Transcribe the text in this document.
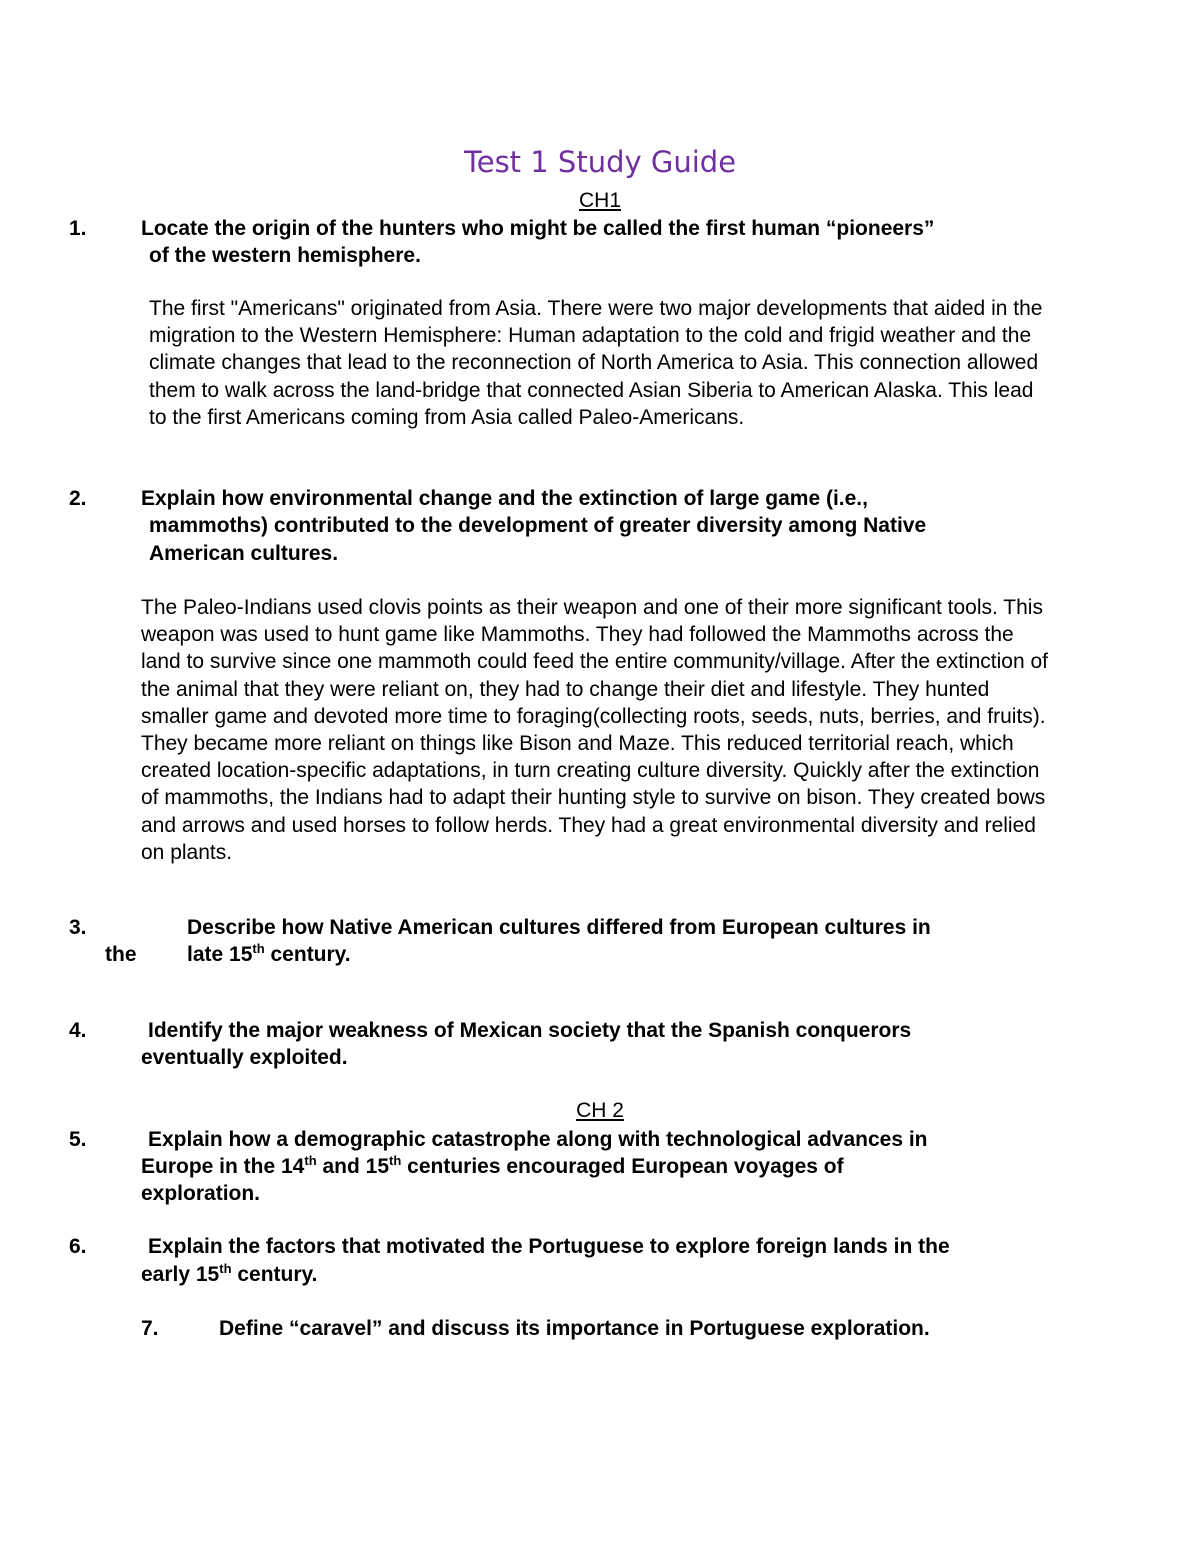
Test 1 Study Guide
CH1
1.	Locate the origin of the hunters who might be called the first human “pioneers”
of the western hemisphere.
The first "Americans" originated from Asia. There were two major developments that aided in the migration to the Western Hemisphere: Human adaptation to the cold and frigid weather and the climate changes that lead to the reconnection of North America to Asia. This connection allowed them to walk across the land-bridge that connected Asian Siberia to American Alaska. This lead to the first Americans coming from Asia called Paleo-Americans.
2.	Explain how environmental change and the extinction of large game (i.e.,
mammoths) contributed to the development of greater diversity among Native
American cultures.
The Paleo-Indians used clovis points as their weapon and one of their more significant tools. This weapon was used to hunt game like Mammoths. They had followed the Mammoths across the land to survive since one mammoth could feed the entire community/village. After the extinction of the animal that they were reliant on, they had to change their diet and lifestyle. They hunted smaller game and devoted more time to foraging(collecting roots, seeds, nuts, berries, and fruits). They became more reliant on things like Bison and Maze. This reduced territorial reach, which created location-specific adaptations, in turn creating culture diversity. Quickly after the extinction of mammoths, the Indians had to adapt their hunting style to survive on bison. They created bows and arrows and used horses to follow herds. They had a great environmental diversity and relied on plants.
3.	Describe how Native American cultures differed from European cultures in
the late 15th century.
4.	Identify the major weakness of Mexican society that the Spanish conquerors
eventually exploited.
CH 2
5.	Explain how a demographic catastrophe along with technological advances in
Europe in the 14th and 15th centuries encouraged European voyages of
exploration.
6.	Explain the factors that motivated the Portuguese to explore foreign lands in the
early 15th century.
7.	Define “caravel” and discuss its importance in Portuguese exploration.
